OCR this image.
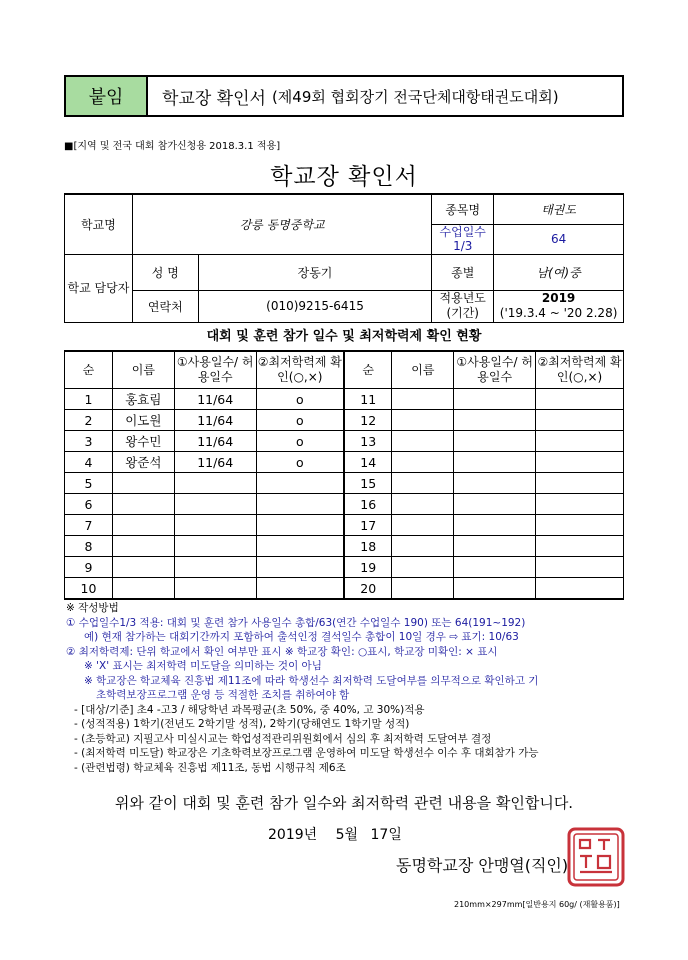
붙임	학교장 확인서 (제49회 협회장기 전국단체대항태권도대회)
■[지역 및 전국 대회 참가신청용 2018.3.1 적용]
학교장 확인서
학교명	강릉 동명중학교		종목명	태권도
			수업일수 1/3	64
학교 담당자	성 명	장동기	종별	남(여)중
	연락처	(010)9215-6415	적용년도 (기간)	2019
('19.3.4 ~ '20 2.28)
대회 및 훈련 참가 일수 및 최저학력제 확인 현황
순	이름	①사용일수/ 허용일수	②최저학력제 확인(○,×)	순	이름	①사용일수/ 허용일수	②최저학력제 확인(○,×)
1	홍효림	11/64	o	11			
2	이도원	11/64	o	12			
3	왕수민	11/64	o	13			
4	왕준석	11/64	o	14			
5				15			
6				16			
7				17			
8				18			
9				19			
10				20			
※ 작성방법
① 수업일수1/3 적용: 대회 및 훈련 참가 사용일수 총합/63(연간 수업일수 190) 또는 64(191~192)
예) 현재 참가하는 대회기간까지 포함하여 출석인정 결석일수 총합이 10일 경우 ⇨ 표기: 10/63
② 최저학력제: 단위 학교에서 확인 여부만 표시 ※ 학교장 확인: ○표시, 학교장 미확인: × 표시
※ 'X' 표시는 최저학력 미도달을 의미하는 것이 아님
※ 학교장은 학교체육 진흥법 제11조에 따라 학생선수 최저학력 도달여부를 의무적으로 확인하고 기
초학력보장프로그램 운영 등 적절한 조치를 취하여야 함
- [대상/기준] 초4 -고3 / 해당학년 과목평균(초 50%, 중 40%, 고 30%)적용
- (성적적용) 1학기(전년도 2학기말 성적), 2학기(당해연도 1학기말 성적)
- (초등학교) 지필고사 미실시교는 학업성적관리위원회에서 심의 후 최저학력 도달여부 결정
- (최저학력 미도달) 학교장은 기초학력보장프로그램 운영하여 미도달 학생선수 이수 후 대회참가 가능
- (관련법령) 학교체육 진흥법 제11조, 동법 시행규칙 제6조
위와 같이 대회 및 훈련 참가 일수와 최저학력 관련 내용을 확인합니다.
2019년 5월 17일
동명학교장 안맹열(직인)
210mm×297mm[일반용지 60g/ (재활용품)]
